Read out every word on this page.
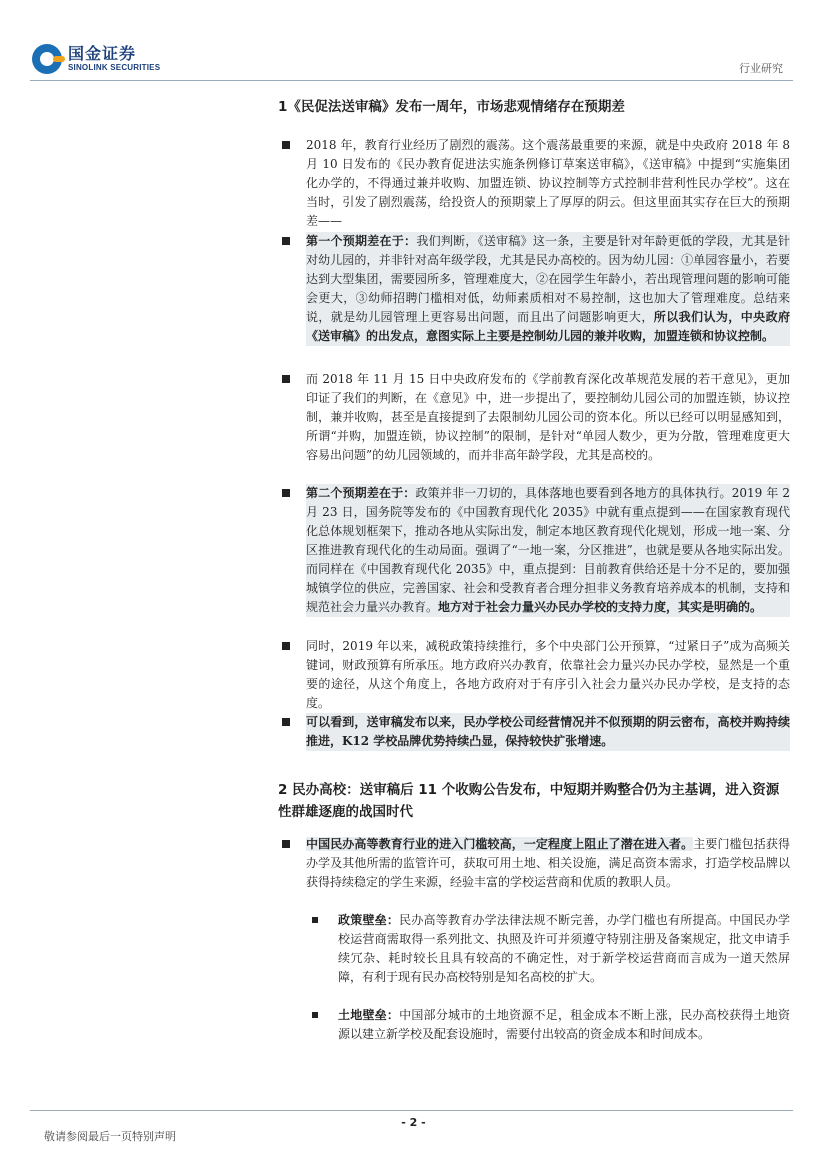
国金证券
SINOLINK SECURITIES	行业研究
1《民促法送审稿》发布一周年，市场悲观情绪存在预期差
2018 年，教育行业经历了剧烈的震荡。这个震荡最重要的来源，就是中央政府 2018 年 8 月 10 日发布的《民办教育促进法实施条例修订草案送审稿》，《送审稿》中提到“实施集团化办学的，不得通过兼并收购、加盟连锁、协议控制等方式控制非营利性民办学校”。这在当时，引发了剧烈震荡，给投资人的预期蒙上了厚厚的阴云。但这里面其实存在巨大的预期差——
第一个预期差在于：我们判断，《送审稿》这一条，主要是针对年龄更低的学段，尤其是针对幼儿园的，并非针对高年级学段，尤其是民办高校的。因为幼儿园：①单园容量小，若要达到大型集团，需要园所多，管理难度大，②在园学生年龄小，若出现管理问题的影响可能会更大，③幼师招聘门槛相对低，幼师素质相对不易控制，这也加大了管理难度。总结来说，就是幼儿园管理上更容易出问题，而且出了问题影响更大，所以我们认为，中央政府《送审稿》的出发点，意图实际上主要是控制幼儿园的兼并收购，加盟连锁和协议控制。
而 2018 年 11 月 15 日中央政府发布的《学前教育深化改革规范发展的若干意见》，更加印证了我们的判断，在《意见》中，进一步提出了，要控制幼儿园公司的加盟连锁，协议控制，兼并收购，甚至是直接提到了去限制幼儿园公司的资本化。所以已经可以明显感知到，所谓“并购，加盟连锁，协议控制”的限制，是针对“单园人数少，更为分散，管理难度更大容易出问题”的幼儿园领域的，而并非高年龄学段，尤其是高校的。
第二个预期差在于：政策并非一刀切的，具体落地也要看到各地方的具体执行。2019 年 2 月 23 日，国务院等发布的《中国教育现代化 2035》中就有重点提到——在国家教育现代化总体规划框架下，推动各地从实际出发，制定本地区教育现代化规划，形成一地一案、分区推进教育现代化的生动局面。强调了“一地一案，分区推进”，也就是要从各地实际出发。而同样在《中国教育现代化 2035》中，重点提到：目前教育供给还是十分不足的，要加强城镇学位的供应，完善国家、社会和受教育者合理分担非义务教育培养成本的机制，支持和规范社会力量兴办教育。地方对于社会力量兴办民办学校的支持力度，其实是明确的。
同时，2019 年以来，减税政策持续推行，多个中央部门公开预算，“过紧日子”成为高频关键词，财政预算有所承压。地方政府兴办教育，依靠社会力量兴办民办学校，显然是一个重要的途径，从这个角度上，各地方政府对于有序引入社会力量兴办民办学校，是支持的态度。
可以看到，送审稿发布以来，民办学校公司经营情况并不似预期的阴云密布，高校并购持续推进，K12 学校品牌优势持续凸显，保持较快扩张增速。
2 民办高校：送审稿后 11 个收购公告发布，中短期并购整合仍为主基调，进入资源性群雄逐鹿的战国时代
中国民办高等教育行业的进入门槛较高，一定程度上阻止了潜在进入者。主要门槛包括获得办学及其他所需的监管许可，获取可用土地、相关设施，满足高资本需求，打造学校品牌以获得持续稳定的学生来源，经验丰富的学校运营商和优质的教职人员。
政策壁垒：民办高等教育办学法律法规不断完善，办学门槛也有所提高。中国民办学校运营商需取得一系列批文、执照及许可并须遵守特别注册及备案规定，批文申请手续冗杂、耗时较长且具有较高的不确定性，对于新学校运营商而言成为一道天然屏障，有利于现有民办高校特别是知名高校的扩大。
土地壁垒：中国部分城市的土地资源不足，租金成本不断上涨，民办高校获得土地资源以建立新学校及配套设施时，需要付出较高的资金成本和时间成本。
- 2 -
敬请参阅最后一页特别声明
